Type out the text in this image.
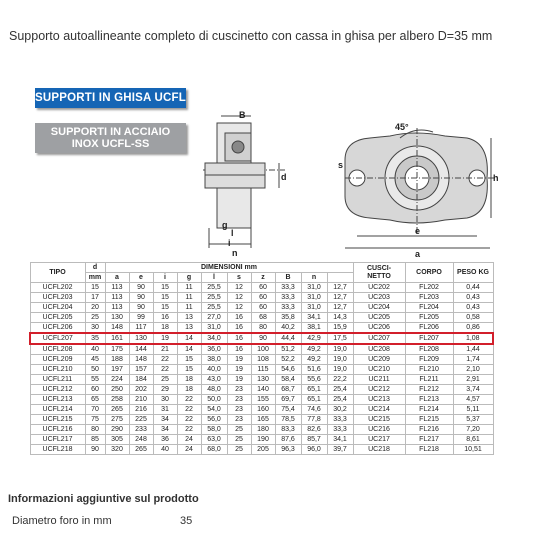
Supporto autoallineante completo di cuscinetto con cassa in ghisa per albero D=35 mm
SUPPORTI IN GHISA UCFL
SUPPORTI IN ACCIAIO
INOX UCFL-SS
B
d
g
l
i
n
45°
s
e
a
h
TIPO	d	DIMENSIONI mm										CUSCI-
NETTO	CORPO	PESO KG
	mm	a	e	i	g	l	s	z	B	n				
UCFL202	15	113	90	15	11	25,5	12	60	33,3	31,0	12,7	UC202	FL202	0,44
UCFL203	17	113	90	15	11	25,5	12	60	33,3	31,0	12,7	UC203	FL203	0,43
UCFL204	20	113	90	15	11	25,5	12	60	33,3	31,0	12,7	UC204	FL204	0,43
UCFL205	25	130	99	16	13	27,0	16	68	35,8	34,1	14,3	UC205	FL205	0,58
UCFL206	30	148	117	18	13	31,0	16	80	40,2	38,1	15,9	UC206	FL206	0,86
UCFL207	35	161	130	19	14	34,0	16	90	44,4	42,9	17,5	UC207	FL207	1,08
UCFL208	40	175	144	21	14	36,0	16	100	51,2	49,2	19,0	UC208	FL208	1,44
UCFL209	45	188	148	22	15	38,0	19	108	52,2	49,2	19,0	UC209	FL209	1,74
UCFL210	50	197	157	22	15	40,0	19	115	54,6	51,6	19,0	UC210	FL210	2,10
UCFL211	55	224	184	25	18	43,0	19	130	58,4	55,6	22,2	UC211	FL211	2,91
UCFL212	60	250	202	29	18	48,0	23	140	68,7	65,1	25,4	UC212	FL212	3,74
UCFL213	65	258	210	30	22	50,0	23	155	69,7	65,1	25,4	UC213	FL213	4,57
UCFL214	70	265	216	31	22	54,0	23	160	75,4	74,6	30,2	UC214	FL214	5,11
UCFL215	75	275	225	34	22	56,0	23	165	78,5	77,8	33,3	UC215	FL215	5,37
UCFL216	80	290	233	34	22	58,0	25	180	83,3	82,6	33,3	UC216	FL216	7,20
UCFL217	85	305	248	36	24	63,0	25	190	87,6	85,7	34,1	UC217	FL217	8,61
UCFL218	90	320	265	40	24	68,0	25	205	96,3	96,0	39,7	UC218	FL218	10,51
Informazioni aggiuntive sul prodotto
Diametro foro in mm	35
